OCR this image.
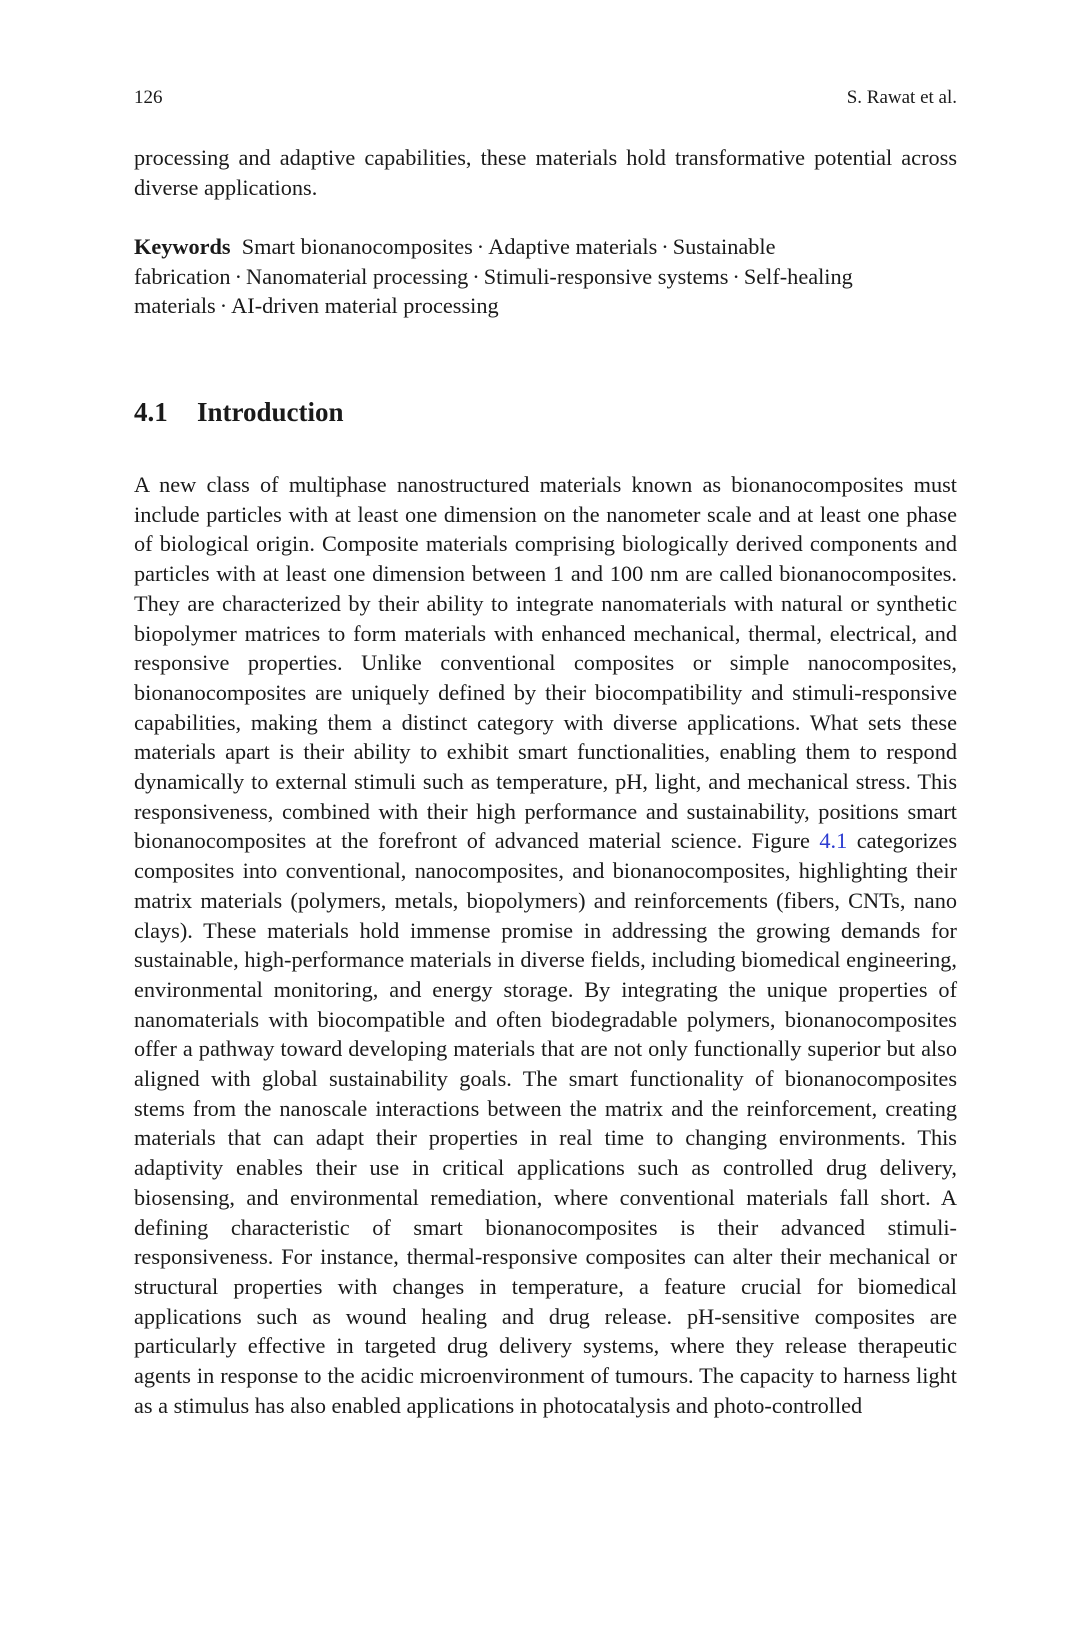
126	S. Rawat et al.

processing and adaptive capabilities, these materials hold transformative potential across diverse applications.

Keywords Smart bionanocomposites · Adaptive materials · Sustainable fabrication · Nanomaterial processing · Stimuli-responsive systems · Self-healing materials · AI-driven material processing

4.1 Introduction

A new class of multiphase nanostructured materials known as bionanocomposites must include particles with at least one dimension on the nanometer scale and at least one phase of biological origin. Composite materials comprising biologically derived components and particles with at least one dimension between 1 and 100 nm are called bionanocomposites. They are characterized by their ability to integrate nanomaterials with natural or synthetic biopolymer matrices to form materials with enhanced mechanical, thermal, electrical, and responsive properties. Unlike conventional composites or simple nanocomposites, bionanocomposites are uniquely defined by their biocompatibility and stimuli-responsive capabilities, making them a distinct category with diverse applications. What sets these materials apart is their ability to exhibit smart functionalities, enabling them to respond dynamically to external stimuli such as temperature, pH, light, and mechanical stress. This responsiveness, combined with their high performance and sustainability, positions smart bionanocomposites at the forefront of advanced material science. Figure 4.1 categorizes composites into conventional, nanocomposites, and bionanocomposites, highlighting their matrix materials (polymers, metals, biopolymers) and reinforcements (fibers, CNTs, nano clays). These materials hold immense promise in addressing the growing demands for sustainable, high-performance materials in diverse fields, including biomedical engineering, environmental monitoring, and energy storage. By integrating the unique properties of nanomaterials with biocompatible and often biodegradable polymers, bionanocomposites offer a pathway toward developing materials that are not only functionally superior but also aligned with global sustainability goals. The smart functionality of bionanocomposites stems from the nanoscale interactions between the matrix and the reinforcement, creating materials that can adapt their properties in real time to changing environments. This adaptivity enables their use in critical applications such as controlled drug delivery, biosensing, and environmental remediation, where conventional materials fall short. A defining characteristic of smart bionanocomposites is their advanced stimuli-responsiveness. For instance, thermal-responsive composites can alter their mechanical or structural properties with changes in temperature, a feature crucial for biomedical applications such as wound healing and drug release. pH-sensitive composites are particularly effective in targeted drug delivery systems, where they release therapeutic agents in response to the acidic microenvironment of tumours. The capacity to harness light as a stimulus has also enabled applications in photocatalysis and photo-controlled
